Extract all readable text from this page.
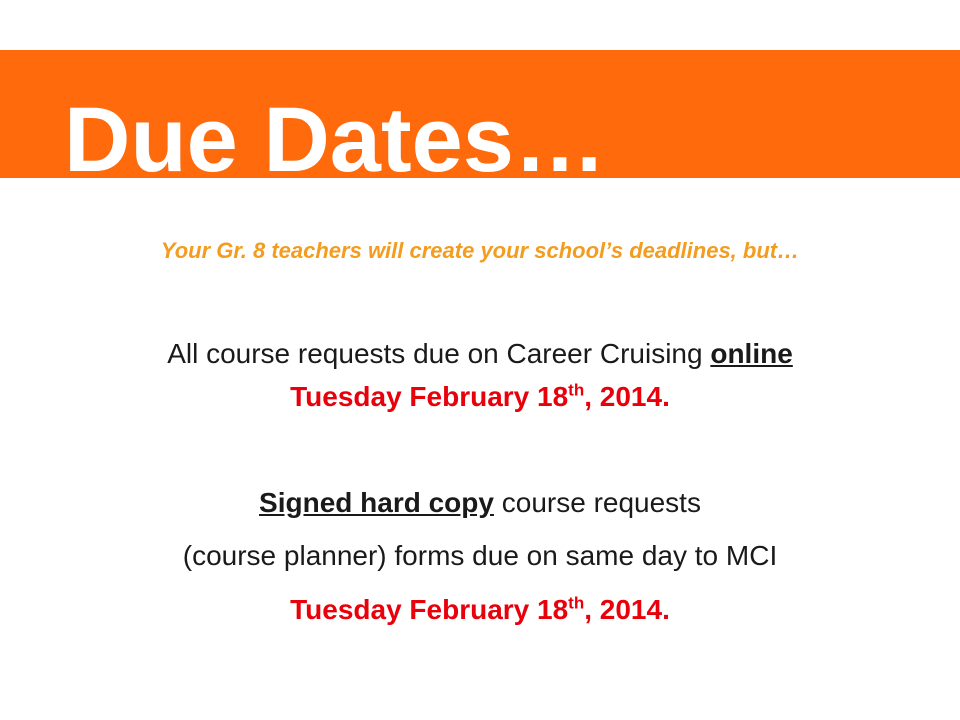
Due Dates…

Your Gr. 8 teachers will create your school’s deadlines, but…

All course requests due on Career Cruising online

Tuesday February 18th, 2014.

Signed hard copy course requests

(course planner) forms due on same day to MCI

Tuesday February 18th, 2014.
